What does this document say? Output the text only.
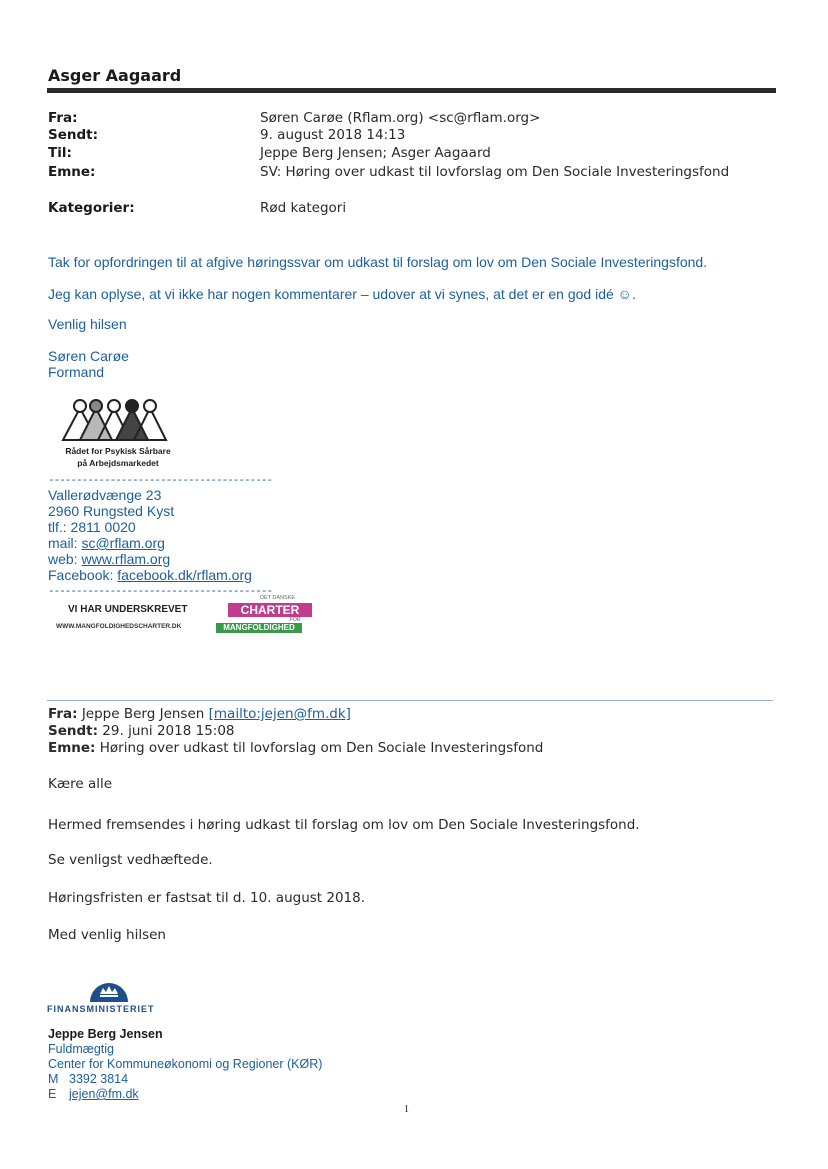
Asger Aagaard
Fra:	Søren Carøe (Rflam.org) <sc@rflam.org>
Sendt:	9. august 2018 14:13
Til:	Jeppe Berg Jensen; Asger Aagaard
Emne:	SV: Høring over udkast til lovforslag om Den Sociale Investeringsfond
Kategorier:	Rød kategori
Tak for opfordringen til at afgive høringssvar om udkast til forslag om lov om Den Sociale Investeringsfond.
Jeg kan oplyse, at vi ikke har nogen kommentarer – udover at vi synes, at det er en god idé ☺.
Venlig hilsen
Søren Carøe
Formand
Rådet for Psykisk Sårbare
på Arbejdsmarkedet
----------------------------------------
Vallerødvænge 23
2960 Rungsted Kyst
tlf.: 2811 0020
mail: sc@rflam.org
web: www.rflam.org
Facebook: facebook.dk/rflam.org
----------------------------------------
VI HAR UNDERSKREVET
WWW.MANGFOLDIGHEDSCHARTER.DK
DET DANSKE
CHARTER
FOR
MANGFOLDIGHED
Fra: Jeppe Berg Jensen [mailto:jejen@fm.dk]
Sendt: 29. juni 2018 15:08
Emne: Høring over udkast til lovforslag om Den Sociale Investeringsfond
Kære alle
Hermed fremsendes i høring udkast til forslag om lov om Den Sociale Investeringsfond.
Se venligst vedhæftede.
Høringsfristen er fastsat til d. 10. august 2018.
Med venlig hilsen
FINANSMINISTERIET
Jeppe Berg Jensen
Fuldmægtig
Center for Kommuneøkonomi og Regioner (KØR)
M 3392 3814
E jejen@fm.dk
1
